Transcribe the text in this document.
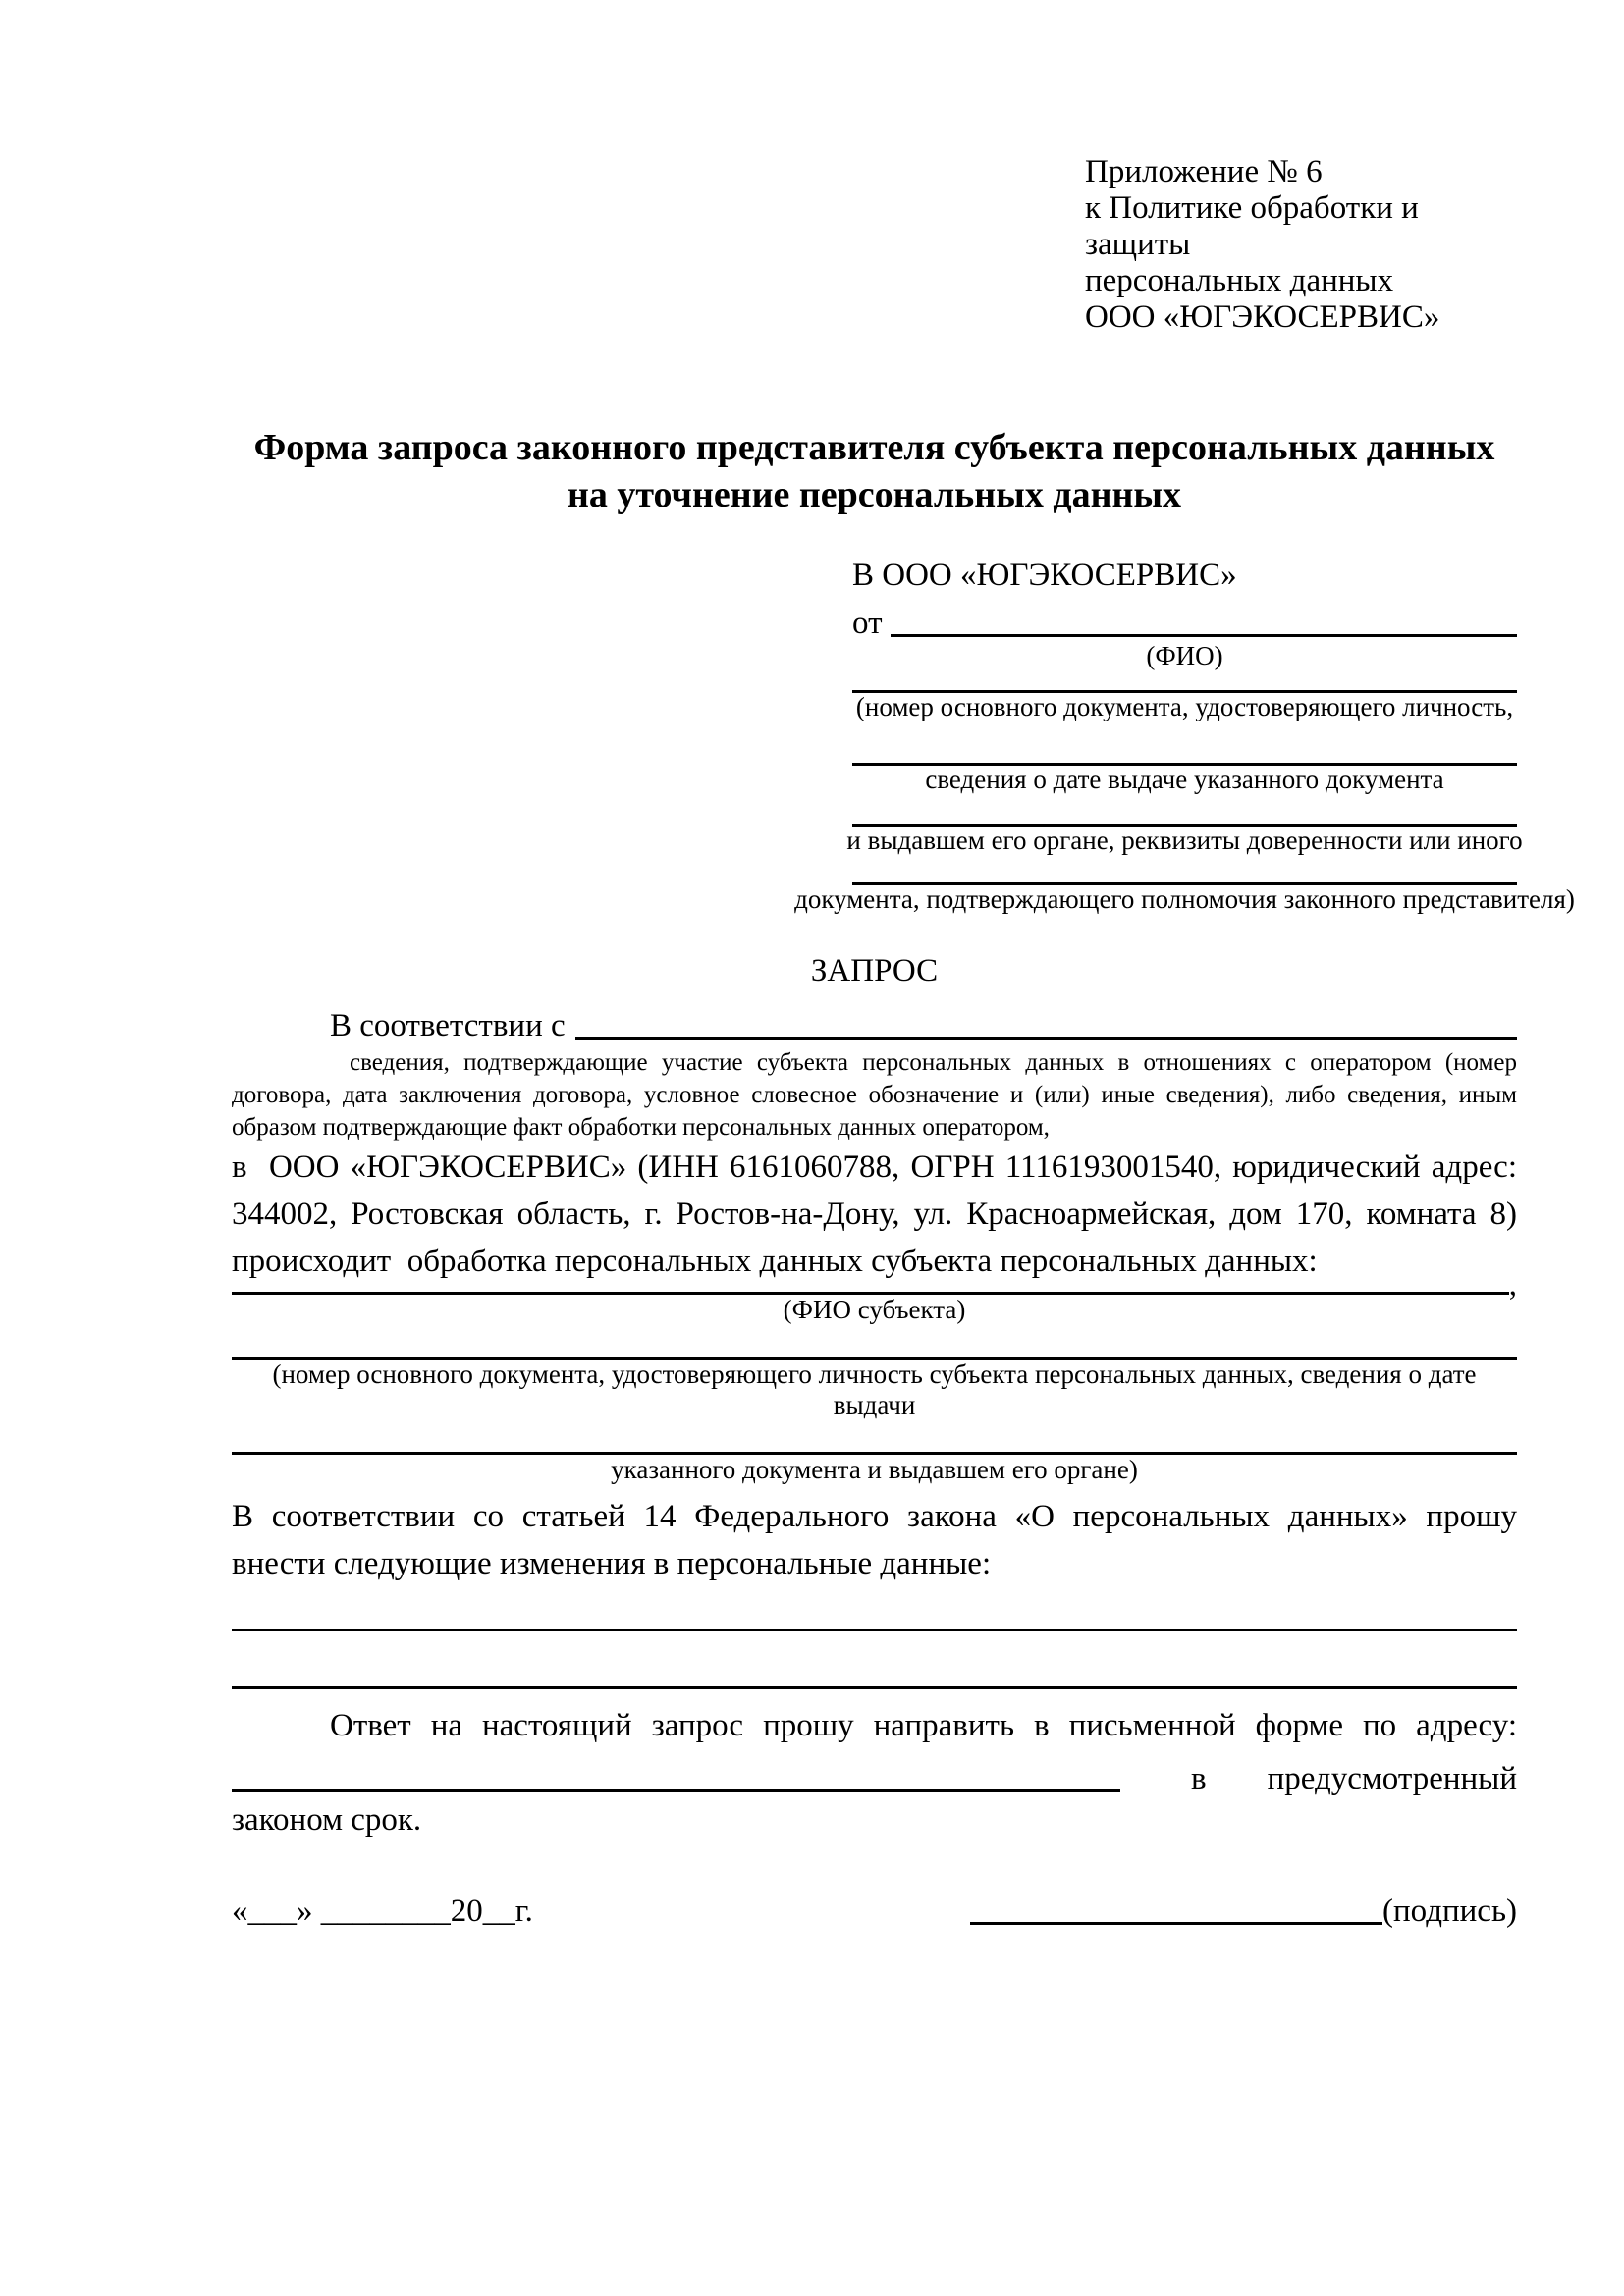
Приложение № 6
к Политике обработки и защиты
персональных данных
ООО «ЮГЭКОСЕРВИС»
Форма запроса законного представителя субъекта персональных данных
на уточнение персональных данных
В ООО «ЮГЭКОСЕРВИС»
от
(ФИО)
(номер основного документа, удостоверяющего личность,
сведения о дате выдаче указанного документа
и выдавшем его органе, реквизиты доверенности или иного
документа, подтверждающего полномочия законного представителя)
ЗАПРОС
В соответствии с
сведения, подтверждающие участие субъекта персональных данных в отношениях с оператором (номер договора, дата заключения договора, условное словесное обозначение и (или) иные сведения), либо сведения, иным образом подтверждающие факт обработки персональных данных оператором,
в  ООО «ЮГЭКОСЕРВИС» (ИНН 6161060788, ОГРН 1116193001540, юридический адрес:
344002, Ростовская область, г. Ростов-на-Дону, ул. Красноармейская, дом 170, комната 8)
происходит  обработка персональных данных субъекта персональных данных:
,
(ФИО субъекта)
(номер основного документа, удостоверяющего личность субъекта персональных данных, сведения о дате выдачи
указанного документа и выдавшем его органе)
В соответствии со статьей 14 Федерального закона «О персональных данных» прошу
внести следующие изменения в персональные данные:
Ответ на настоящий запрос прошу направить в письменной форме по адресу:
в предусмотренный
законом срок.
«___» ________20__г.	(подпись)
